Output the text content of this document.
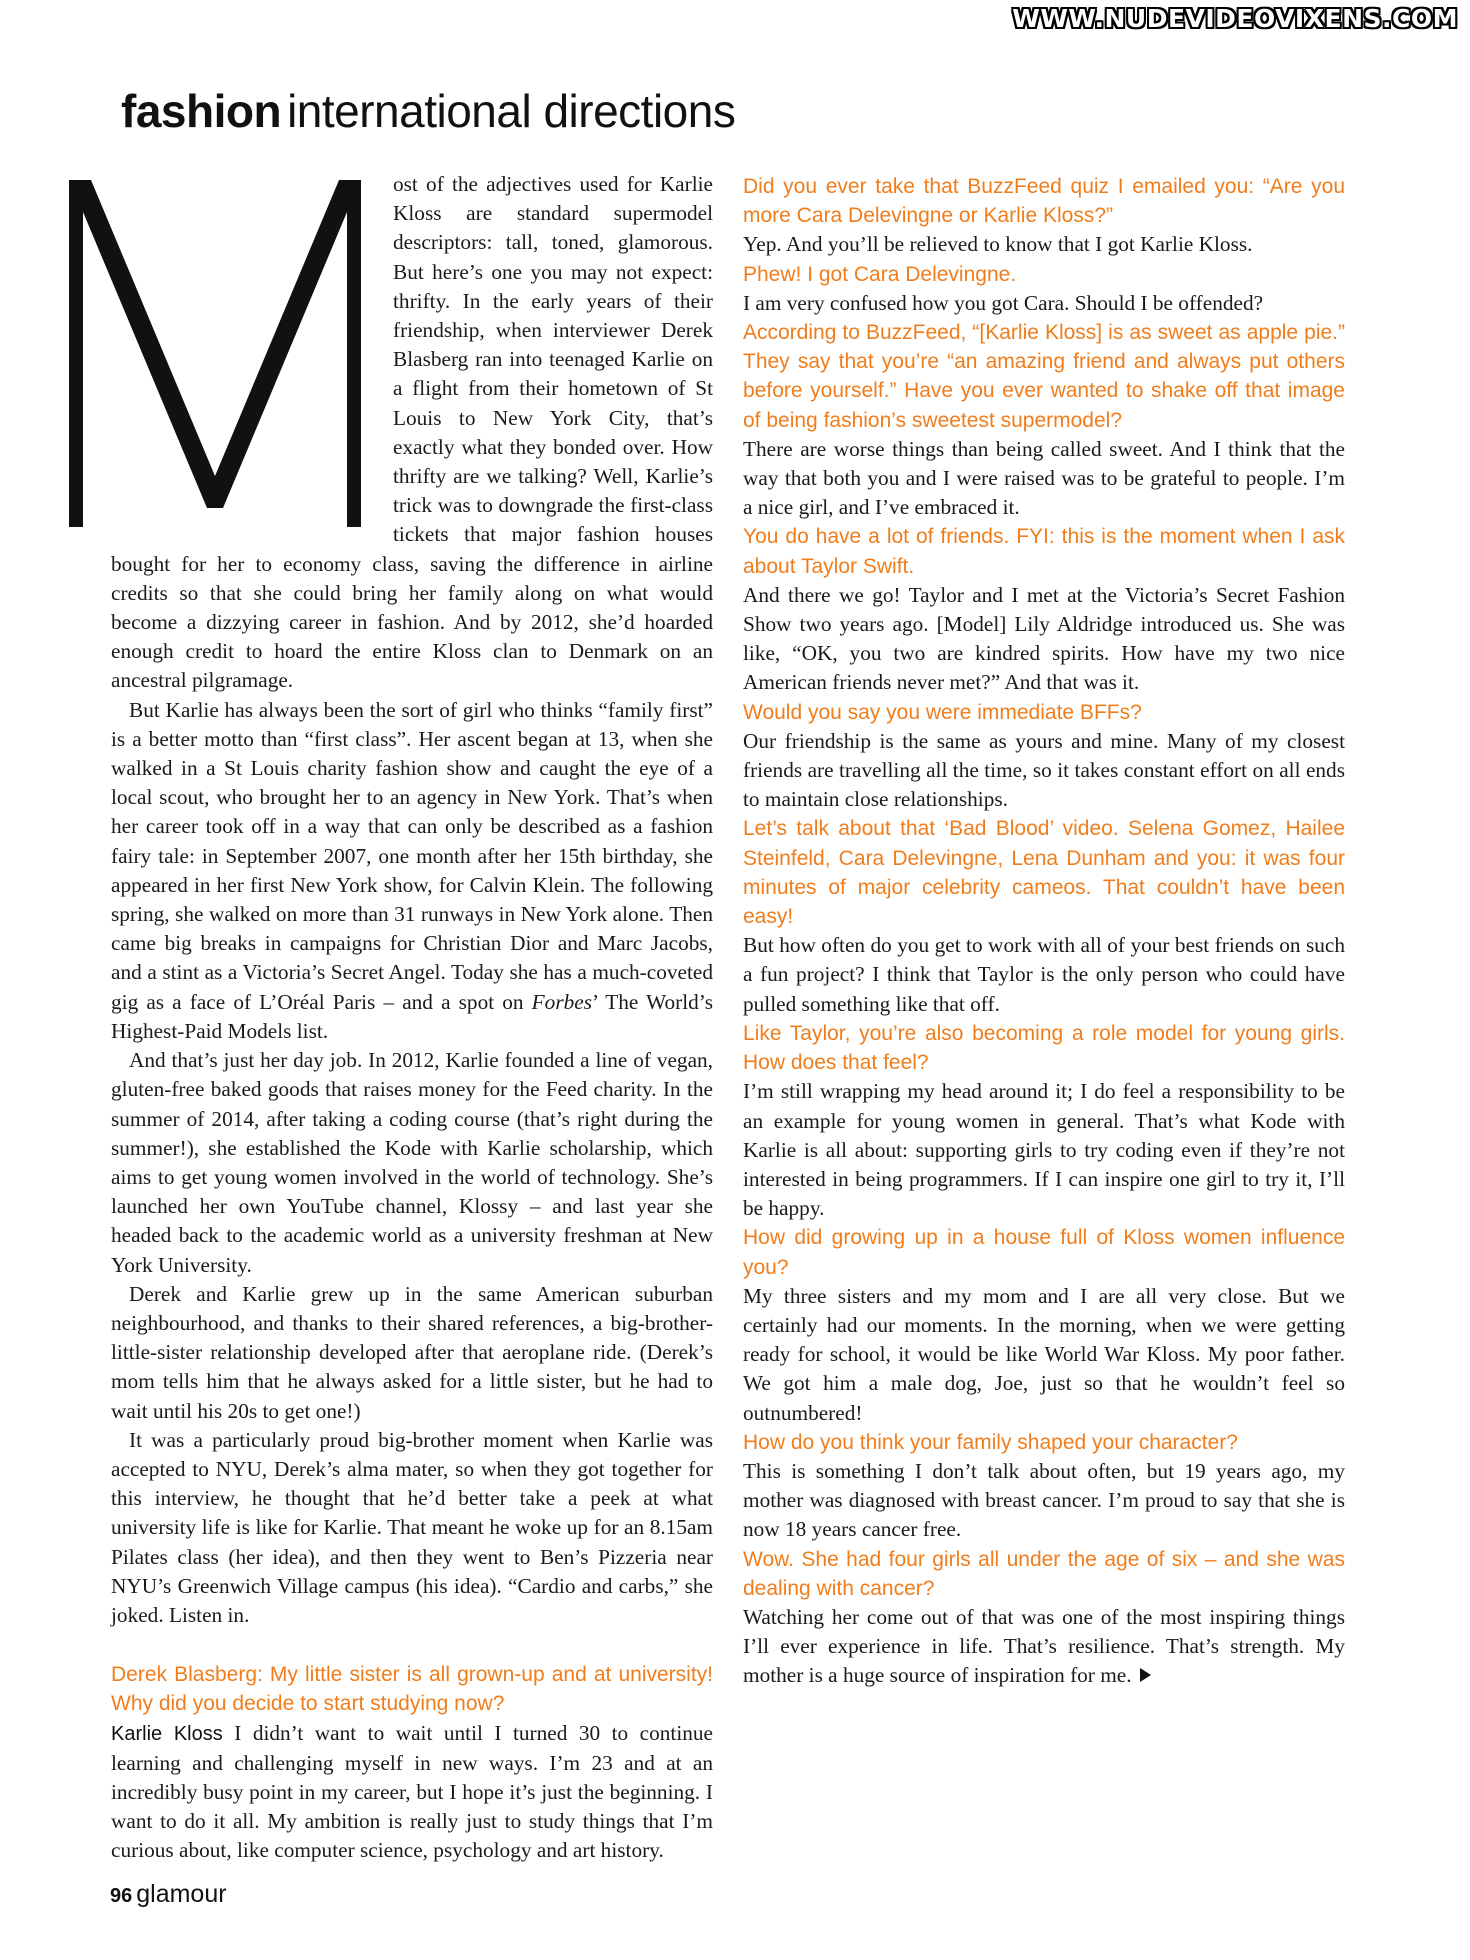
WWW.NUDEVIDEOVIXENS.COM
fashion international directions

ost of the adjectives used for Karlie Kloss are standard supermodel descriptors: tall, toned, glamorous. But here’s one you may not expect: thrifty. In the early years of their friendship, when interviewer Derek Blasberg ran into teenaged Karlie on a flight from their hometown of St Louis to New York City, that’s exactly what they bonded over. How thrifty are we talking? Well, Karlie’s trick was to downgrade the first-class tickets that major fashion houses bought for her to economy class, saving the difference in airline credits so that she could bring her family along on what would become a dizzying career in fashion. And by 2012, she’d hoarded enough credit to hoard the entire Kloss clan to Denmark on an ancestral pilgramage.

But Karlie has always been the sort of girl who thinks “family first” is a better motto than “first class”. Her ascent began at 13, when she walked in a St Louis charity fashion show and caught the eye of a local scout, who brought her to an agency in New York. That’s when her career took off in a way that can only be described as a fashion fairy tale: in September 2007, one month after her 15th birthday, she appeared in her first New York show, for Calvin Klein. The following spring, she walked on more than 31 runways in New York alone. Then came big breaks in campaigns for Christian Dior and Marc Jacobs, and a stint as a Victoria’s Secret Angel. Today she has a much-coveted gig as a face of L’Oréal Paris – and a spot on Forbes’ The World’s Highest-Paid Models list.

And that’s just her day job. In 2012, Karlie founded a line of vegan, gluten-free baked goods that raises money for the Feed charity. In the summer of 2014, after taking a coding course (that’s right during the summer!), she established the Kode with Karlie scholarship, which aims to get young women involved in the world of technology. She’s launched her own YouTube channel, Klossy – and last year she headed back to the academic world as a university freshman at New York University.

Derek and Karlie grew up in the same American suburban neighbourhood, and thanks to their shared references, a big-brother-little-sister relationship developed after that aeroplane ride. (Derek’s mom tells him that he always asked for a little sister, but he had to wait until his 20s to get one!)

It was a particularly proud big-brother moment when Karlie was accepted to NYU, Derek’s alma mater, so when they got together for this interview, he thought that he’d better take a peek at what university life is like for Karlie. That meant he woke up for an 8.15am Pilates class (her idea), and then they went to Ben’s Pizzeria near NYU’s Greenwich Village campus (his idea). “Cardio and carbs,” she joked. Listen in.

Derek Blasberg: My little sister is all grown-up and at university! Why did you decide to start studying now?

Karlie Kloss I didn’t want to wait until I turned 30 to continue learning and challenging myself in new ways. I’m 23 and at an incredibly busy point in my career, but I hope it’s just the beginning. I want to do it all. My ambition is really just to study things that I’m curious about, like computer science, psychology and art history.

Did you ever take that BuzzFeed quiz I emailed you: “Are you more Cara Delevingne or Karlie Kloss?”

Yep. And you’ll be relieved to know that I got Karlie Kloss.

Phew! I got Cara Delevingne.

I am very confused how you got Cara. Should I be offended?

According to BuzzFeed, “[Karlie Kloss] is as sweet as apple pie.” They say that you’re “an amazing friend and always put others before yourself.” Have you ever wanted to shake off that image of being fashion’s sweetest supermodel?

There are worse things than being called sweet. And I think that the way that both you and I were raised was to be grateful to people. I’m a nice girl, and I’ve embraced it.

You do have a lot of friends. FYI: this is the moment when I ask about Taylor Swift.

And there we go! Taylor and I met at the Victoria’s Secret Fashion Show two years ago. [Model] Lily Aldridge introduced us. She was like, “OK, you two are kindred spirits. How have my two nice American friends never met?” And that was it.

Would you say you were immediate BFFs?

Our friendship is the same as yours and mine. Many of my closest friends are travelling all the time, so it takes constant effort on all ends to maintain close relationships.

Let’s talk about that ‘Bad Blood’ video. Selena Gomez, Hailee Steinfeld, Cara Delevingne, Lena Dunham and you: it was four minutes of major celebrity cameos. That couldn’t have been easy!

But how often do you get to work with all of your best friends on such a fun project? I think that Taylor is the only person who could have pulled something like that off.

Like Taylor, you’re also becoming a role model for young girls. How does that feel?

I’m still wrapping my head around it; I do feel a responsibility to be an example for young women in general. That’s what Kode with Karlie is all about: supporting girls to try coding even if they’re not interested in being programmers. If I can inspire one girl to try it, I’ll be happy.

How did growing up in a house full of Kloss women influence you?

My three sisters and my mom and I are all very close. But we certainly had our moments. In the morning, when we were getting ready for school, it would be like World War Kloss. My poor father. We got him a male dog, Joe, just so that he wouldn’t feel so outnumbered!

How do you think your family shaped your character?

This is something I don’t talk about often, but 19 years ago, my mother was diagnosed with breast cancer. I’m proud to say that she is now 18 years cancer free.

Wow. She had four girls all under the age of six – and she was dealing with cancer?

Watching her come out of that was one of the most inspiring things I’ll ever experience in life. That’s resilience. That’s strength. My mother is a huge source of inspiration for me.

96 glamour
